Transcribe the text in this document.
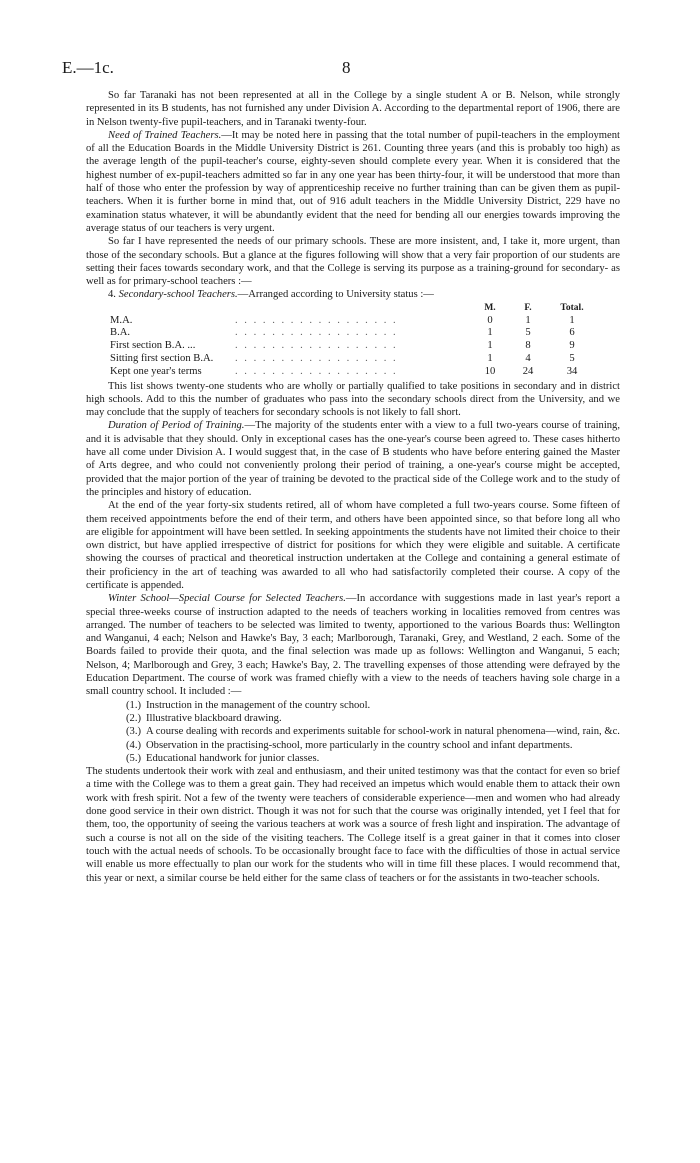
E.—1c.	8

So far Taranaki has not been represented at all in the College by a single student A or B. Nelson, while strongly represented in its B students, has not furnished any under Division A. According to the departmental report of 1906, there are in Nelson twenty-five pupil-teachers, and in Taranaki twenty-four.

Need of Trained Teachers.—It may be noted here in passing that the total number of pupil-teachers in the employment of all the Education Boards in the Middle University District is 261. Counting three years (and this is probably too high) as the average length of the pupil-teacher's course, eighty-seven should complete every year. When it is considered that the highest number of ex-pupil-teachers admitted so far in any one year has been thirty-four, it will be understood that more than half of those who enter the profession by way of apprenticeship receive no further training than can be given them as pupil-teachers. When it is further borne in mind that, out of 916 adult teachers in the Middle University District, 229 have no examination status whatever, it will be abundantly evident that the need for bending all our energies towards improving the average status of our teachers is very urgent.

So far I have represented the needs of our primary schools. These are more insistent, and, I take it, more urgent, than those of the secondary schools. But a glance at the figures following will show that a very fair proportion of our students are setting their faces towards secondary work, and that the College is serving its purpose as a training-ground for secondary- as well as for primary-school teachers :—

4. Secondary-school Teachers.—Arranged according to University status :—

		M.	F.	Total.
M.A.	. . . . . . . . . . . . . . . . . .	0	1	1
B.A.	. . . . . . . . . . . . . . . . . .	1	5	6
First section B.A. ...	. . . . . . . . . . . . . . . . . .	1	8	9
Sitting first section B.A.	. . . . . . . . . . . . . . . . . .	1	4	5
Kept one year's terms	. . . . . . . . . . . . . . . . . .	10	24	34

This list shows twenty-one students who are wholly or partially qualified to take positions in secondary and in district high schools. Add to this the number of graduates who pass into the secondary schools direct from the University, and we may conclude that the supply of teachers for secondary schools is not likely to fall short.

Duration of Period of Training.—The majority of the students enter with a view to a full two-years course of training, and it is advisable that they should. Only in exceptional cases has the one-year's course been agreed to. These cases hitherto have all come under Division A. I would suggest that, in the case of B students who have before entering gained the Master of Arts degree, and who could not conveniently prolong their period of training, a one-year's course might be accepted, provided that the major portion of the year of training be devoted to the practical side of the College work and to the study of the principles and history of education.

At the end of the year forty-six students retired, all of whom have completed a full two-years course. Some fifteen of them received appointments before the end of their term, and others have been appointed since, so that before long all who are eligible for appointment will have been settled. In seeking appointments the students have not limited their choice to their own district, but have applied irrespective of district for positions for which they were eligible and suitable. A certificate showing the courses of practical and theoretical instruction undertaken at the College and containing a general estimate of their proficiency in the art of teaching was awarded to all who had satisfactorily completed their course. A copy of the certificate is appended.

Winter School—Special Course for Selected Teachers.—In accordance with suggestions made in last year's report a special three-weeks course of instruction adapted to the needs of teachers working in localities removed from centres was arranged. The number of teachers to be selected was limited to twenty, apportioned to the various Boards thus: Wellington and Wanganui, 4 each; Nelson and Hawke's Bay, 3 each; Marlborough, Taranaki, Grey, and Westland, 2 each. Some of the Boards failed to provide their quota, and the final selection was made up as follows: Wellington and Wanganui, 5 each; Nelson, 4; Marlborough and Grey, 3 each; Hawke's Bay, 2. The travelling expenses of those attending were defrayed by the Education Department. The course of work was framed chiefly with a view to the needs of teachers having sole charge in a small country school. It included :—

(1.) Instruction in the management of the country school.
(2.) Illustrative blackboard drawing.
(3.) A course dealing with records and experiments suitable for school-work in natural phenomena—wind, rain, &c.
(4.) Observation in the practising-school, more particularly in the country school and infant departments.
(5.) Educational handwork for junior classes.

The students undertook their work with zeal and enthusiasm, and their united testimony was that the contact for even so brief a time with the College was to them a great gain. They had received an impetus which would enable them to attack their own work with fresh spirit. Not a few of the twenty were teachers of considerable experience—men and women who had already done good service in their own district. Though it was not for such that the course was originally intended, yet I feel that for them, too, the opportunity of seeing the various teachers at work was a source of fresh light and inspiration. The advantage of such a course is not all on the side of the visiting teachers. The College itself is a great gainer in that it comes into closer touch with the actual needs of schools. To be occasionally brought face to face with the difficulties of those in actual service will enable us more effectually to plan our work for the students who will in time fill these places. I would recommend that, this year or next, a similar course be held either for the same class of teachers or for the assistants in two-teacher schools.
